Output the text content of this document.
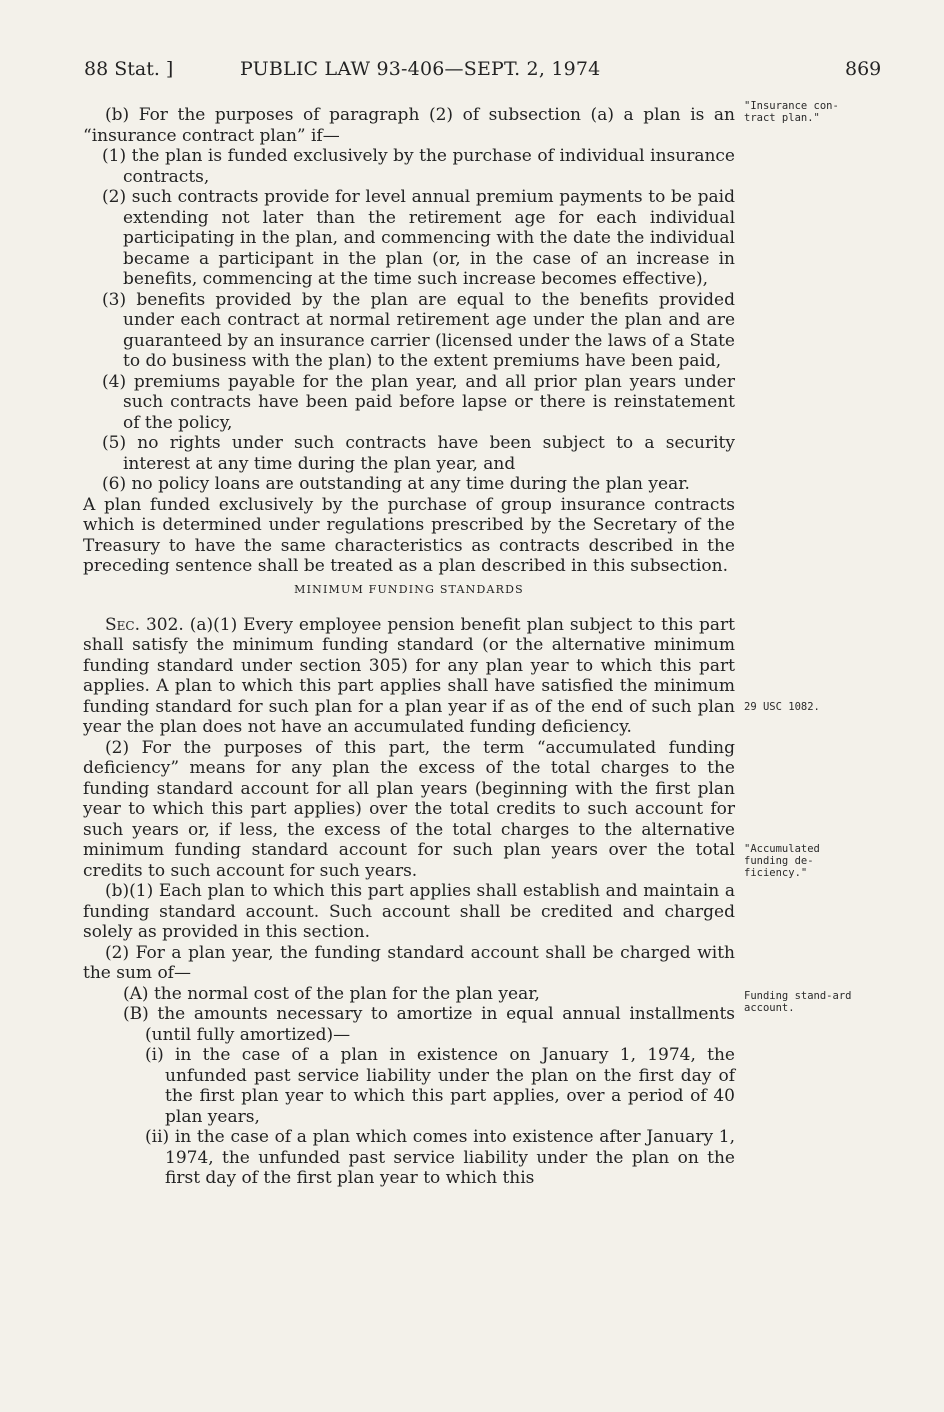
88 Stat. ]	PUBLIC LAW 93-406—SEPT. 2, 1974	869

(b) For the purposes of paragraph (2) of subsection (a) a plan is an “insurance contract plan” if—

(1) the plan is funded exclusively by the purchase of individual insurance contracts,

(2) such contracts provide for level annual premium payments to be paid extending not later than the retirement age for each individual participating in the plan, and commencing with the date the individual became a participant in the plan (or, in the case of an increase in benefits, commencing at the time such increase becomes effective),

(3) benefits provided by the plan are equal to the benefits provided under each contract at normal retirement age under the plan and are guaranteed by an insurance carrier (licensed under the laws of a State to do business with the plan) to the extent premiums have been paid,

(4) premiums payable for the plan year, and all prior plan years under such contracts have been paid before lapse or there is reinstatement of the policy,

(5) no rights under such contracts have been subject to a security interest at any time during the plan year, and

(6) no policy loans are outstanding at any time during the plan year.

A plan funded exclusively by the purchase of group insurance contracts which is determined under regulations prescribed by the Secretary of the Treasury to have the same characteristics as contracts described in the preceding sentence shall be treated as a plan described in this subsection.

MINIMUM FUNDING STANDARDS

Sec. 302. (a)(1) Every employee pension benefit plan subject to this part shall satisfy the minimum funding standard (or the alternative minimum funding standard under section 305) for any plan year to which this part applies. A plan to which this part applies shall have satisfied the minimum funding standard for such plan for a plan year if as of the end of such plan year the plan does not have an accumulated funding deficiency.

(2) For the purposes of this part, the term “accumulated funding deficiency” means for any plan the excess of the total charges to the funding standard account for all plan years (beginning with the first plan year to which this part applies) over the total credits to such account for such years or, if less, the excess of the total charges to the alternative minimum funding standard account for such plan years over the total credits to such account for such years.

(b)(1) Each plan to which this part applies shall establish and maintain a funding standard account. Such account shall be credited and charged solely as provided in this section.

(2) For a plan year, the funding standard account shall be charged with the sum of—

(A) the normal cost of the plan for the plan year,

(B) the amounts necessary to amortize in equal annual installments (until fully amortized)—

(i) in the case of a plan in existence on January 1, 1974, the unfunded past service liability under the plan on the first day of the first plan year to which this part applies, over a period of 40 plan years,

(ii) in the case of a plan which comes into existence after January 1, 1974, the unfunded past service liability under the plan on the first day of the first plan year to which this

"Insurance con-tract plan."
29 USC 1082.
"Accumulated funding de-ficiency."
Funding stand-ard account.
